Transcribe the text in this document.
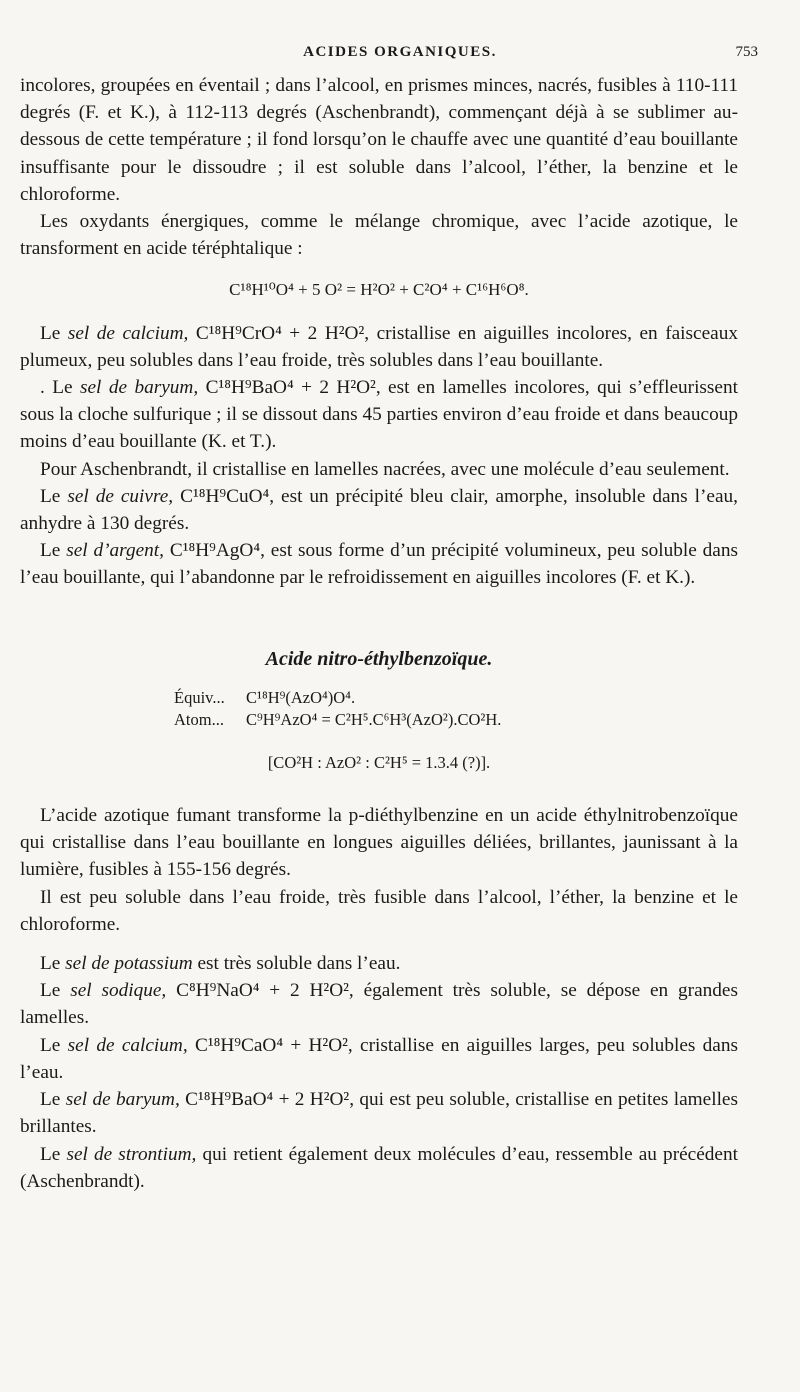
ACIDES ORGANIQUES.	753

incolores, groupées en éventail ; dans l’alcool, en prismes minces, nacrés, fusibles à 110-111 degrés (F. et K.), à 112-113 degrés (Aschenbrandt), commençant déjà à se sublimer au-dessous de cette température ; il fond lorsqu’on le chauffe avec une quantité d’eau bouillante insuffisante pour le dissoudre ; il est soluble dans l’alcool, l’éther, la benzine et le chloroforme.

Les oxydants énergiques, comme le mélange chromique, avec l’acide azotique, le transforment en acide téréphtalique :

C¹⁸H¹⁰O⁴ + 5 O² = H²O² + C²O⁴ + C¹⁶H⁶O⁸.

Le sel de calcium, C¹⁸H⁹CrO⁴ + 2 H²O², cristallise en aiguilles incolores, en faisceaux plumeux, peu solubles dans l’eau froide, très solubles dans l’eau bouillante.

. Le sel de baryum, C¹⁸H⁹BaO⁴ + 2 H²O², est en lamelles incolores, qui s’effleurissent sous la cloche sulfurique ; il se dissout dans 45 parties environ d’eau froide et dans beaucoup moins d’eau bouillante (K. et T.).

Pour Aschenbrandt, il cristallise en lamelles nacrées, avec une molécule d’eau seulement.

Le sel de cuivre, C¹⁸H⁹CuO⁴, est un précipité bleu clair, amorphe, insoluble dans l’eau, anhydre à 130 degrés.

Le sel d’argent, C¹⁸H⁹AgO⁴, est sous forme d’un précipité volumineux, peu soluble dans l’eau bouillante, qui l’abandonne par le refroidissement en aiguilles incolores (F. et K.).

Acide nitro-éthylbenzoïque.
Équiv... C¹⁸H⁹(AzO⁴)O⁴.
Atom... C⁹H⁹AzO⁴ = C²H⁵.C⁶H³(AzO²).CO²H.
[CO²H : AzO² : C²H⁵ = 1.3.4 (?)].

L’acide azotique fumant transforme la p-diéthylbenzine en un acide éthylnitrobenzoïque qui cristallise dans l’eau bouillante en longues aiguilles déliées, brillantes, jaunissant à la lumière, fusibles à 155-156 degrés.

Il est peu soluble dans l’eau froide, très fusible dans l’alcool, l’éther, la benzine et le chloroforme.

Le sel de potassium est très soluble dans l’eau.

Le sel sodique, C⁸H⁹NaO⁴ + 2 H²O², également très soluble, se dépose en grandes lamelles.

Le sel de calcium, C¹⁸H⁹CaO⁴ + H²O², cristallise en aiguilles larges, peu solubles dans l’eau.

Le sel de baryum, C¹⁸H⁹BaO⁴ + 2 H²O², qui est peu soluble, cristallise en petites lamelles brillantes.

Le sel de strontium, qui retient également deux molécules d’eau, ressemble au précédent (Aschenbrandt).
